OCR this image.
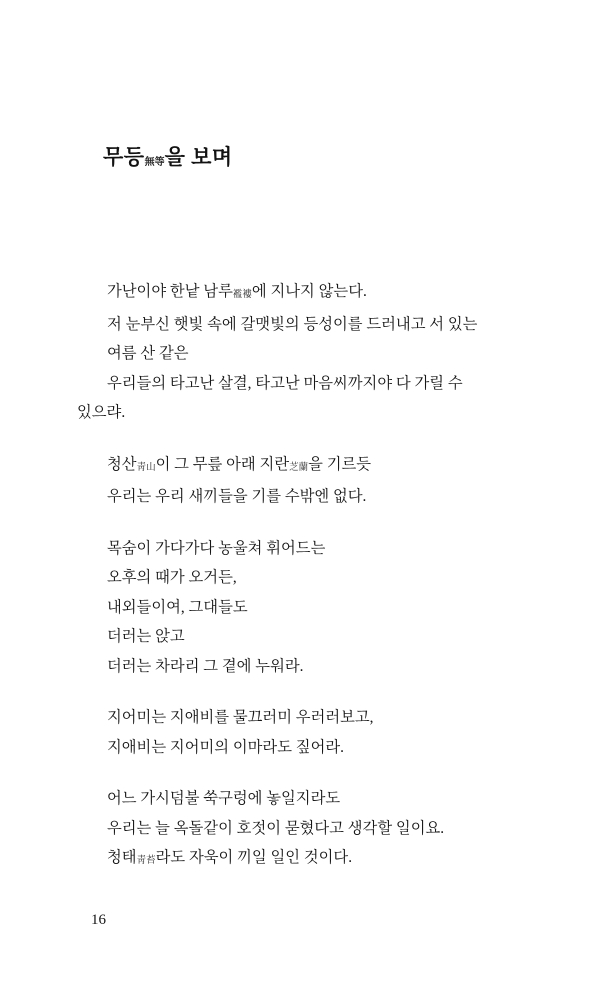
무등無等을 보며
가난이야 한낱 남루襤褸에 지나지 않는다.
저 눈부신 햇빛 속에 갈맷빛의 등성이를 드러내고 서 있는
여름 산 같은
우리들의 타고난 살결, 타고난 마음씨까지야 다 가릴 수
있으랴.
청산靑山이 그 무릎 아래 지란芝蘭을 기르듯
우리는 우리 새끼들을 기를 수밖엔 없다.
목숨이 가다가다 농울쳐 휘어드는
오후의 때가 오거든,
내외들이여, 그대들도
더러는 앉고
더러는 차라리 그 곁에 누워라.
지어미는 지애비를 물끄러미 우러러보고,
지애비는 지어미의 이마라도 짚어라.
어느 가시덤불 쑥구렁에 놓일지라도
우리는 늘 옥돌같이 호젓이 묻혔다고 생각할 일이요.
청태靑苔라도 자욱이 끼일 일인 것이다.
16
